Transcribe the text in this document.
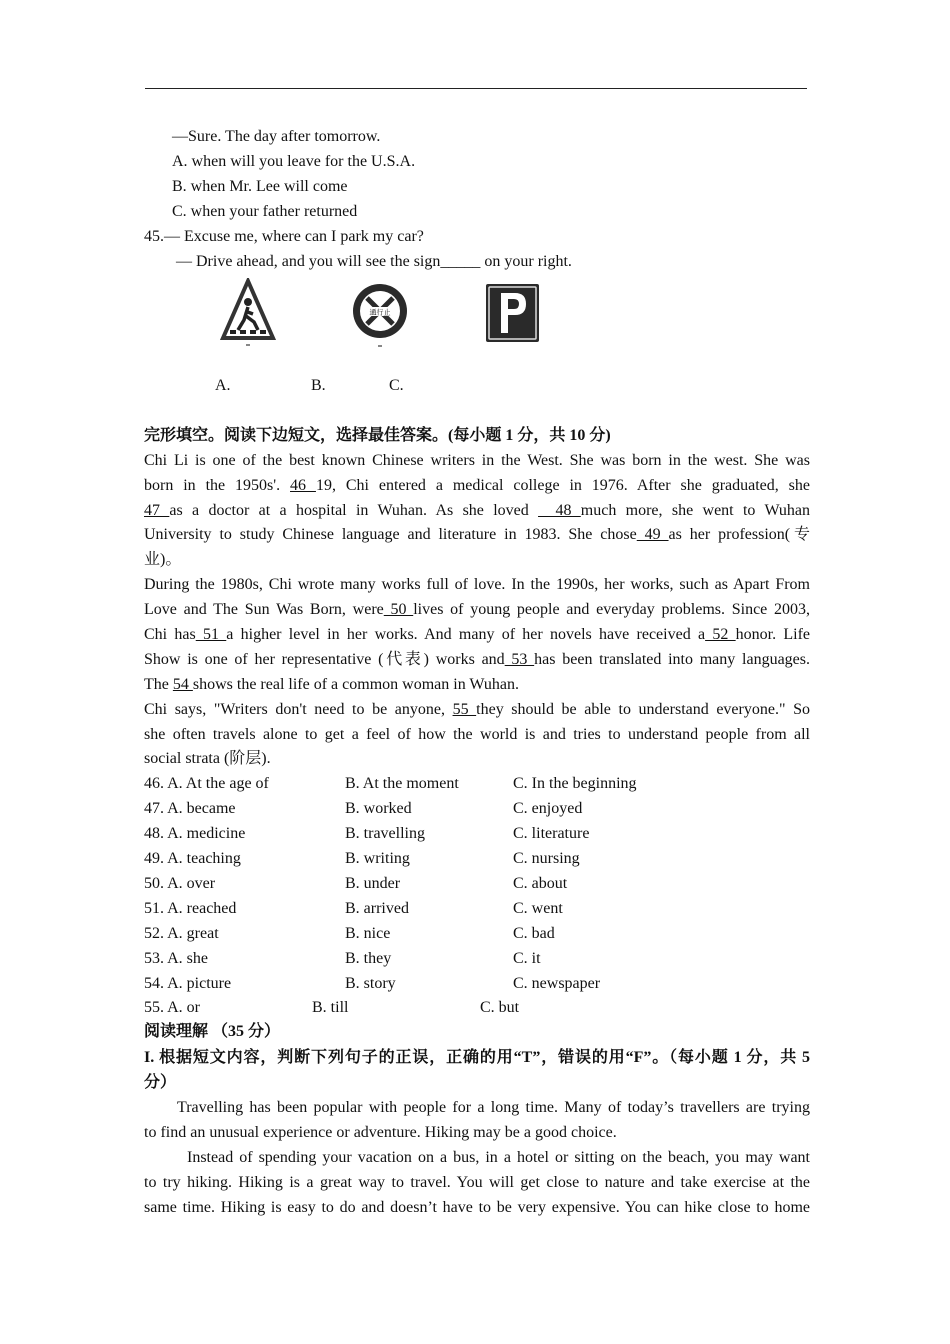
—Sure. The day after tomorrow.
A. when will you leave for the U.S.A.
B. when Mr. Lee will come
C. when your father returned
45.— Excuse me, where can I park my car?
— Drive ahead, and you will see the sign_____ on your right.
通行止
A.	B.	C.
完形填空。阅读下边短文，选择最佳答案。(每小题 1 分，共 10 分)
Chi Li is one of the best known Chinese writers in the West. She was born in the west. She was
born in the 1950s'. 46 19, Chi entered a medical college in 1976. After she graduated, she
47 as a doctor at a hospital in Wuhan. As she loved _ 48 much more, she went to Wuhan
University to study Chinese language and literature in 1983. She chose 49 as her profession(专
业)。
During the 1980s, Chi wrote many works full of love. In the 1990s, her works, such as Apart From
Love and The Sun Was Born, were 50 lives of young people and everyday problems. Since 2003,
Chi has 51 a higher level in her works. And many of her novels have received a 52 honor. Life
Show is one of her representative (代表) works and 53 has been translated into many languages.
The 54 shows the real life of a common woman in Wuhan.
Chi says, "Writers don't need to be anyone, 55 they should be able to understand everyone." So
she often travels alone to get a feel of how the world is and tries to understand people from all
social strata (阶层).
46. A. At the age of	B. At the moment	C. In the beginning
47. A. became	B. worked	C. enjoyed
48. A. medicine	B. travelling	C. literature
49. A. teaching	B. writing	C. nursing
50. A. over	B. under	C. about
51. A. reached	B. arrived	C. went
52. A. great	B. nice	C. bad
53. A. she	B. they	C. it
54. A. picture	B. story	C. newspaper
55. A. or	B. till	C. but
阅读理解 （35 分）
I. 根据短文内容，判断下列句子的正误，正确的用“T”，错误的用“F”。（每小题 1 分，共 5
分）
Travelling has been popular with people for a long time. Many of today’s travellers are trying
to find an unusual experience or adventure. Hiking may be a good choice.
Instead of spending your vacation on a bus, in a hotel or sitting on the beach, you may want
to try hiking. Hiking is a great way to travel. You will get close to nature and take exercise at the
same time. Hiking is easy to do and doesn’t have to be very expensive. You can hike close to home
